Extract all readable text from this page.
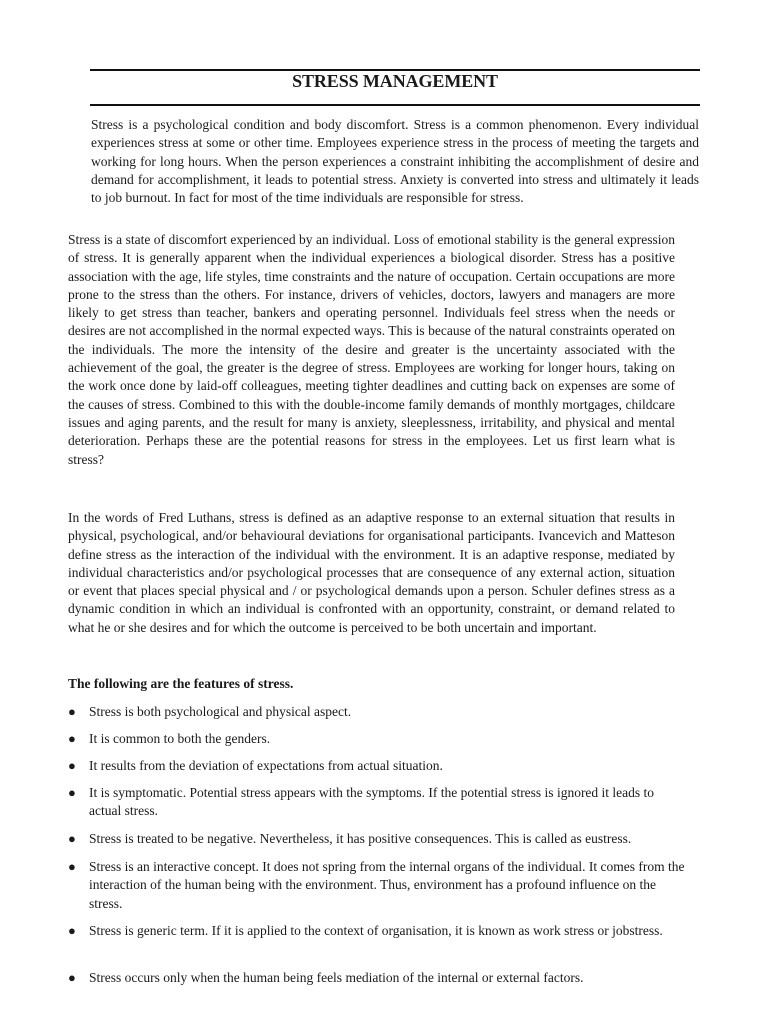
STRESS MANAGEMENT

Stress is a psychological condition and body discomfort. Stress is a common phenomenon. Every individual experiences stress at some or other time. Employees experience stress in the process of meeting the targets and working for long hours. When the person experiences a constraint inhibiting the accomplishment of desire and demand for accomplishment, it leads to potential stress. Anxiety is converted into stress and ultimately it leads to job burnout. In fact for most of the time individuals are responsible for stress.

Stress is a state of discomfort experienced by an individual. Loss of emotional stability is the general expression of stress. It is generally apparent when the individual experiences a biological disorder. Stress has a positive association with the age, life styles, time constraints and the nature of occupation. Certain occupations are more prone to the stress than the others. For instance, drivers of vehicles, doctors, lawyers and managers are more likely to get stress than teacher, bankers and operating personnel. Individuals feel stress when the needs or desires are not accomplished in the normal expected ways. This is because of the natural constraints operated on the individuals. The more the intensity of the desire and greater is the uncertainty associated with the achievement of the goal, the greater is the degree of stress. Employees are working for longer hours, taking on the work once done by laid-off colleagues, meeting tighter deadlines and cutting back on expenses are some of the causes of stress. Combined to this with the double-income family demands of monthly mortgages, childcare issues and aging parents, and the result for many is anxiety, sleeplessness, irritability, and physical and mental deterioration. Perhaps these are the potential reasons for stress in the employees. Let us first learn what is stress?

In the words of Fred Luthans, stress is defined as an adaptive response to an external situation that results in physical, psychological, and/or behavioural deviations for organisational participants. Ivancevich and Matteson define stress as the interaction of the individual with the environment. It is an adaptive response, mediated by individual characteristics and/or psychological processes that are consequence of any external action, situation or event that places special physical and / or psychological demands upon a person. Schuler defines stress as a dynamic condition in which an individual is confronted with an opportunity, constraint, or demand related to what he or she desires and for which the outcome is perceived to be both uncertain and important.

The following are the features of stress.

● Stress is both psychological and physical aspect.

● It is common to both the genders.

● It results from the deviation of expectations from actual situation.

● It is symptomatic. Potential stress appears with the symptoms. If the potential stress is ignored it leads to actual stress.

● Stress is treated to be negative. Nevertheless, it has positive consequences. This is called as eustress.

● Stress is an interactive concept. It does not spring from the internal organs of the individual. It comes from the interaction of the human being with the environment. Thus, environment has a profound influence on the stress.

● Stress is generic term. If it is applied to the context of organisation, it is known as work stress or jobstress.

● Stress occurs only when the human being feels mediation of the internal or external factors.
